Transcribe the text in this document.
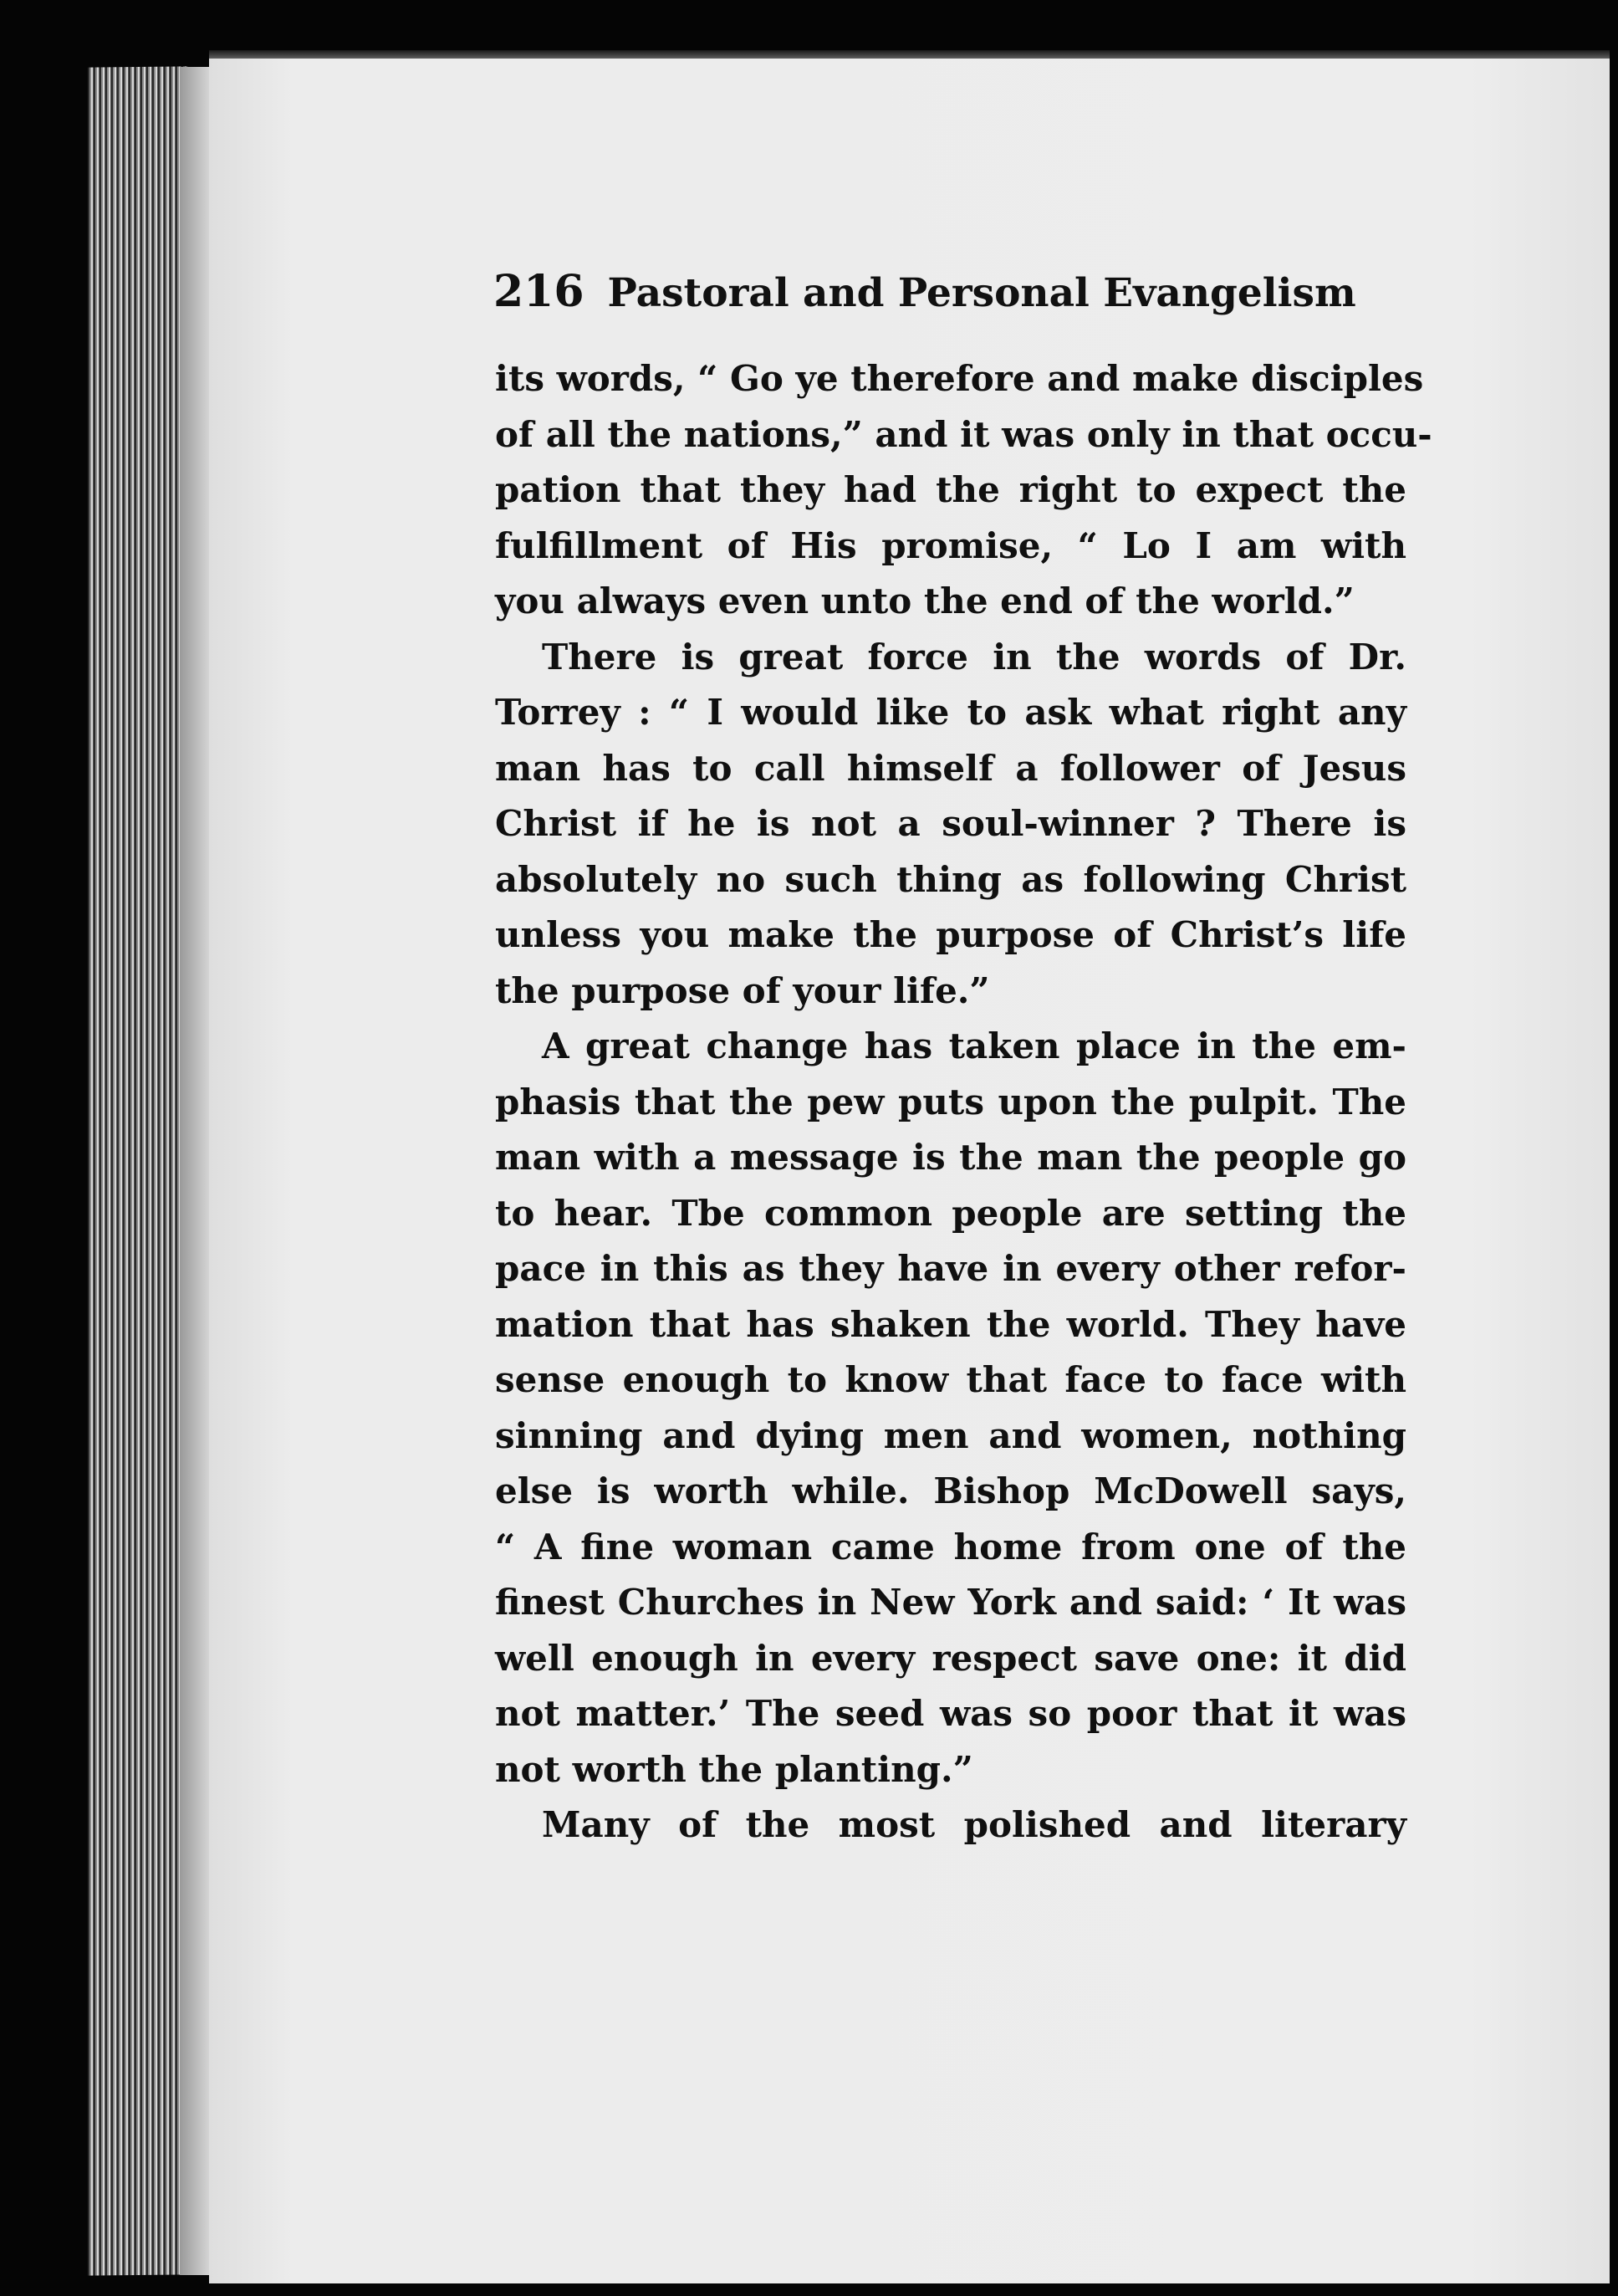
216 Pastoral and Personal Evangelism

its words, “ Go ye therefore and make disciples
of all the nations,” and it was only in that occu-
pation that they had the right to expect the
fulfillment of His promise, “ Lo I am with
you always even unto the end of the world.”

There is great force in the words of Dr.
Torrey : “ I would like to ask what right any
man has to call himself a follower of Jesus
Christ if he is not a soul-winner ? There is
absolutely no such thing as following Christ
unless you make the purpose of Christ’s life
the purpose of your life.”

A great change has taken place in the em-
phasis that the pew puts upon the pulpit. The
man with a message is the man the people go
to hear. Tbe common people are setting the
pace in this as they have in every other refor-
mation that has shaken the world. They have
sense enough to know that face to face with
sinning and dying men and women, nothing
else is worth while. Bishop McDowell says,
“ A fine woman came home from one of the
finest Churches in New York and said: ‘ It was
well enough in every respect save one: it did
not matter.’ The seed was so poor that it was
not worth the planting.”

Many of the most polished and literary
